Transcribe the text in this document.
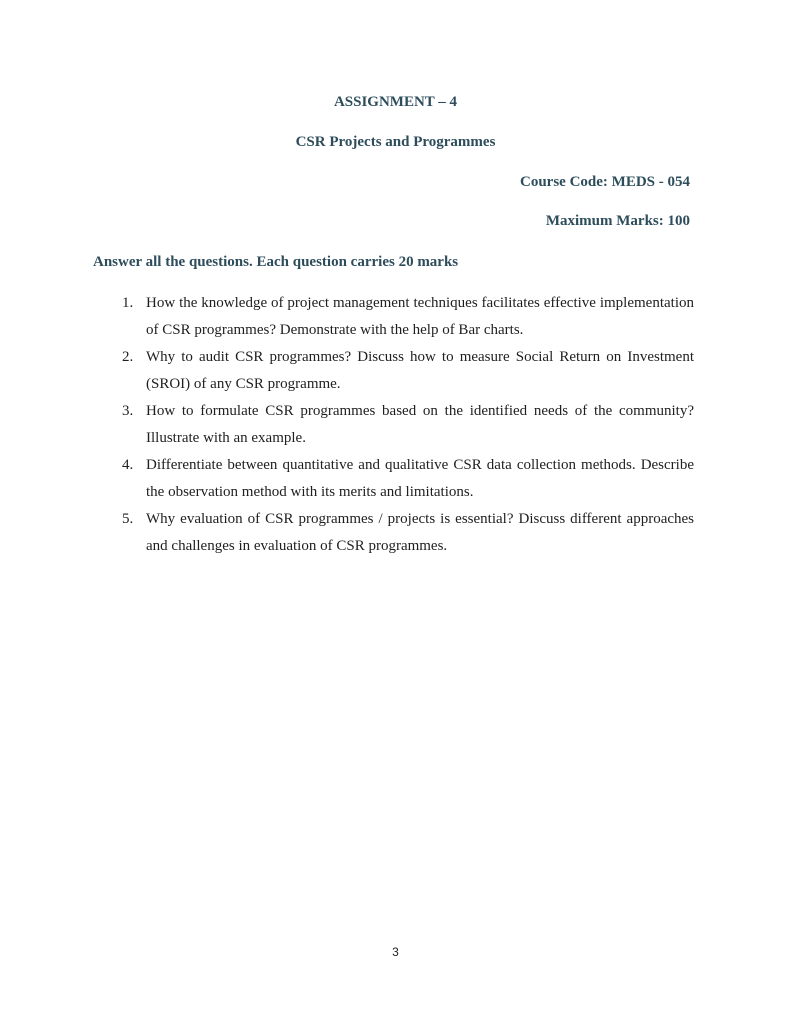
ASSIGNMENT – 4
CSR Projects and Programmes
Course Code: MEDS - 054
Maximum Marks: 100
Answer all the questions. Each question carries 20 marks
1. How the knowledge of project management techniques facilitates effective implementation of CSR programmes? Demonstrate with the help of Bar charts.
2. Why to audit CSR programmes? Discuss how to measure Social Return on Investment (SROI) of any CSR programme.
3. How to formulate CSR programmes based on the identified needs of the community? Illustrate with an example.
4. Differentiate between quantitative and qualitative CSR data collection methods. Describe the observation method with its merits and limitations.
5. Why evaluation of CSR programmes / projects is essential? Discuss different approaches and challenges in evaluation of CSR programmes.
3
